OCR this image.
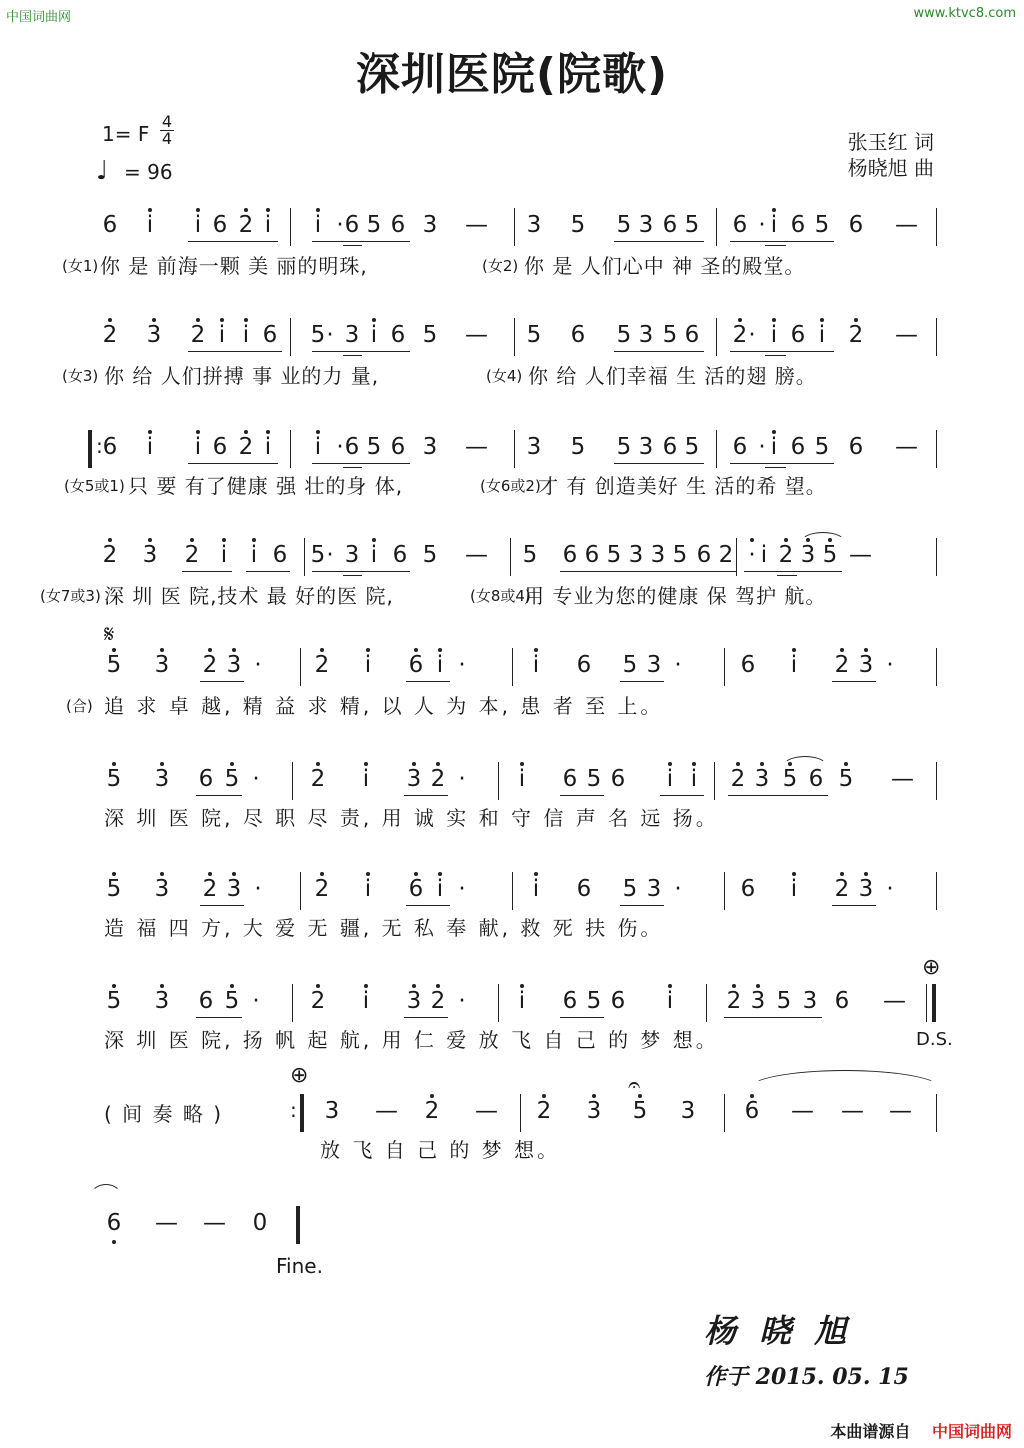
中国词曲网	www.ktvc8.com
深圳医院(院歌)
1= F
4
4
♩ = 96
张玉红 词
杨晓旭 曲
6 i i 6 2 i i · 6 5 6 3 — 3 5 5 3 6 5 6 · i 6 5 6 —
2 3 2 i i 6 5 · 3 i 6 5 — 5 6 5 3 5 6 2 · i 6 i 2 —
6 i i 6 2 i i · 6 5 6 3 — 3 5 5 3 6 5 6 · i 6 5 6 —
:
2 3 2 i i 6 5 · 3 i 6 5 — 5 6 6 5 3 3 5 6 2 · i 2 3 5 —
𝄋
5 3 2 3 · 2 i 6 i ·	i 6 5 3 ·	6 i 2 3 ·
5 3 6 5 · 2 i 3 2 · i 6 5 6 i i 2 3 5 6 5 —
5 3 2 3 · 2 i 6 i ·	i 6 5 3 ·	6 i 2 3 ·
5 3 6 5 · 2 i 3 2 · i 6 5 6 i 2 3 5 3 6 —
⊕
D.S.
( 间 奏 略 )	:
⊕
3 — 2 — 2 3 5 3 6 — — —
𝄐
6 — — 0
Fine.
(女1) 你 是 前海一颗 美 丽的明珠,	(女2) 你 是 人们心中 神 圣的殿堂。
(女3) 你 给 人们拼搏 事 业的力 量,	(女4) 你 给 人们幸福 生 活的翅 膀。
(女5或1) 只 要 有了健康 强 壮的身 体,	(女6或2)
才 有 创造美好 生 活的希 望。
(女7或3) 深 圳 医 院,技术 最 好的医 院,	(女8或4)
用 专业为您的健康 保 驾护 航。
(合) 追 求 卓 越, 精 益 求 精, 以 人 为 本, 患 者 至 上。
深 圳 医 院, 尽 职 尽 责, 用 诚 实 和 守 信 声 名 远 扬。
造 福 四 方, 大 爱 无 疆, 无 私 奉 献, 救 死 扶 伤。
深 圳 医 院, 扬 帆 起 航, 用 仁 爱 放 飞 自 己 的 梦 想。
放 飞 自 己 的 梦 想。
杨 晓 旭
作于 2015. 05. 15
本曲谱源自 中国词曲网
